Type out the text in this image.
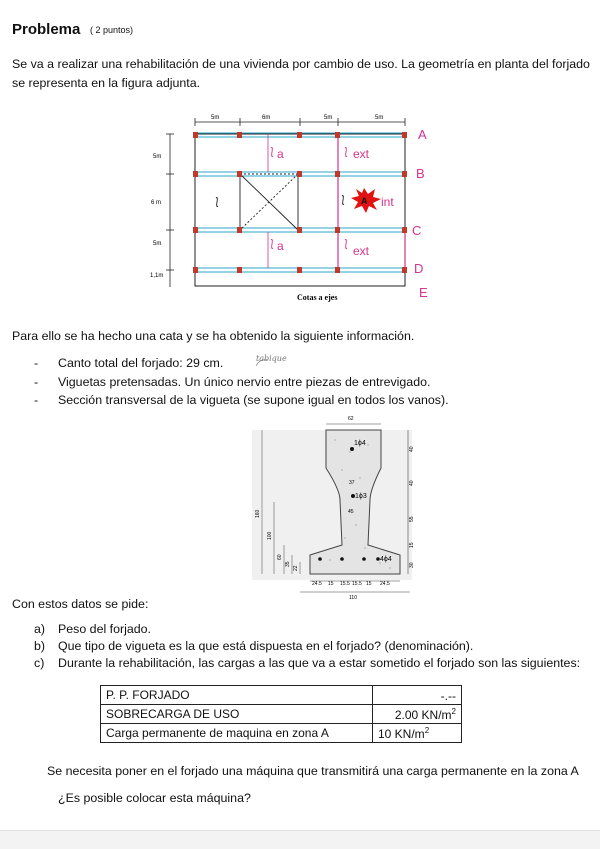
Problema ( 2 puntos)
Se va a realizar una rehabilitación de una vivienda por cambio de uso. La geometría en planta del forjado
se representa en la figura adjunta.
5m	6m	5m	5m
5m
6 m
5m
1,1m
a	ext
A int
a	ext
A
B
C
D
E
Cotas a ejes
Para ello se ha hecho una cata y se ha obtenido la siguiente información.
- Canto total del forjado: 29 cm.
- Viguetas pretensadas. Un único nervio entre piezas de entrevigado.
- Sección transversal de la vigueta (se supone igual en todos los vanos).
tabique
1ϕ4
1ϕ3
4ϕ4
62
37
45
40
40
55
15
30
160
100
60
35
22
24.5 15 15.5 15.5 15 24.5
110
Con estos datos se pide:
a) Peso del forjado.
b) Que tipo de vigueta es la que está dispuesta en el forjado? (denominación).
c) Durante la rehabilitación, las cargas a las que va a estar sometido el forjado son las siguientes:
P. P. FORJADO	-.--
SOBRECARGA DE USO	2.00 $KN/m^2$
Carga permanente de maquina en zona A	10 $KN/m^2$
Se necesita poner en el forjado una máquina que transmitirá una carga permanente en la zona A
¿Es posible colocar esta máquina?
